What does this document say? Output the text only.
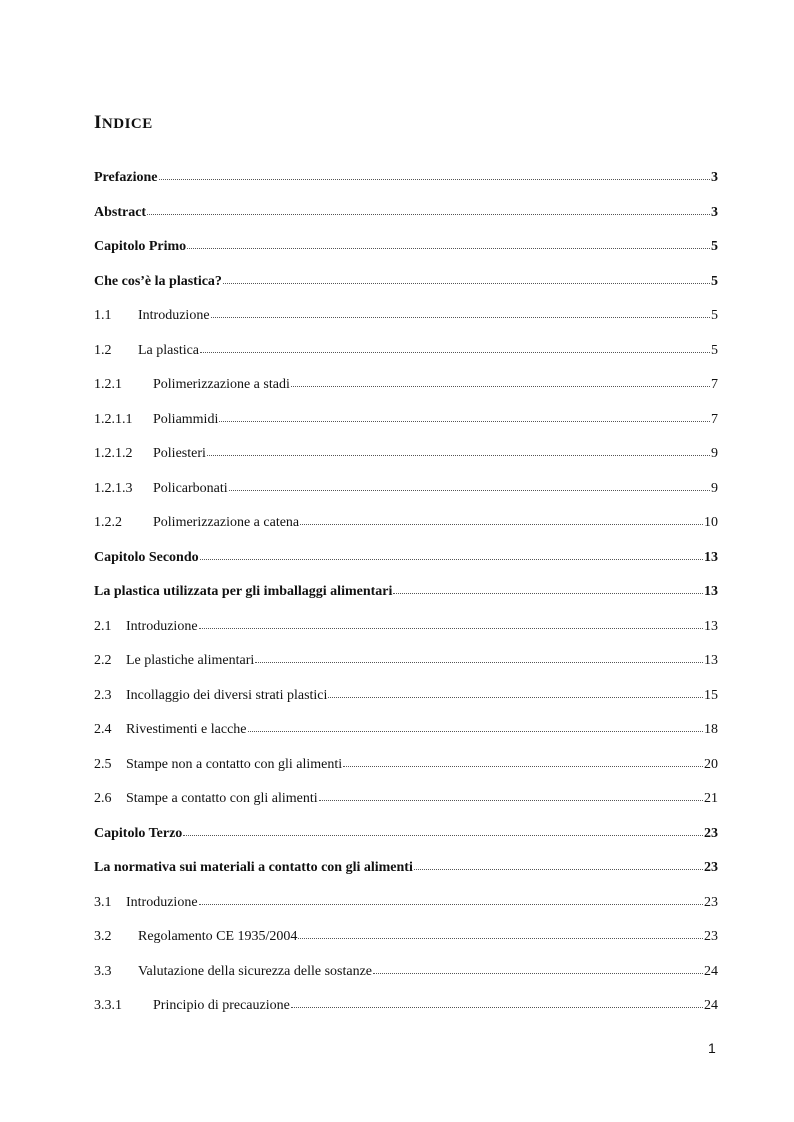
INDICE
Prefazione	3
Abstract	3
Capitolo Primo	5
Che cos’è la plastica?	5
1.1	Introduzione	5
1.2	La plastica	5
1.2.1	Polimerizzazione a stadi	7
1.2.1.1	Poliammidi	7
1.2.1.2	Poliesteri	9
1.2.1.3	Policarbonati	9
1.2.2	Polimerizzazione a catena	10
Capitolo Secondo	13
La plastica utilizzata per gli imballaggi alimentari	13
2.1	Introduzione	13
2.2	Le plastiche alimentari	13
2.3	Incollaggio dei diversi strati plastici	15
2.4	Rivestimenti e lacche	18
2.5	Stampe non a contatto con gli alimenti	20
2.6	Stampe a contatto con gli alimenti	21
Capitolo Terzo	23
La normativa sui materiali a contatto con gli alimenti	23
3.1	Introduzione	23
3.2	Regolamento CE 1935/2004	23
3.3	Valutazione della sicurezza delle sostanze	24
3.3.1	Principio di precauzione	24
1
